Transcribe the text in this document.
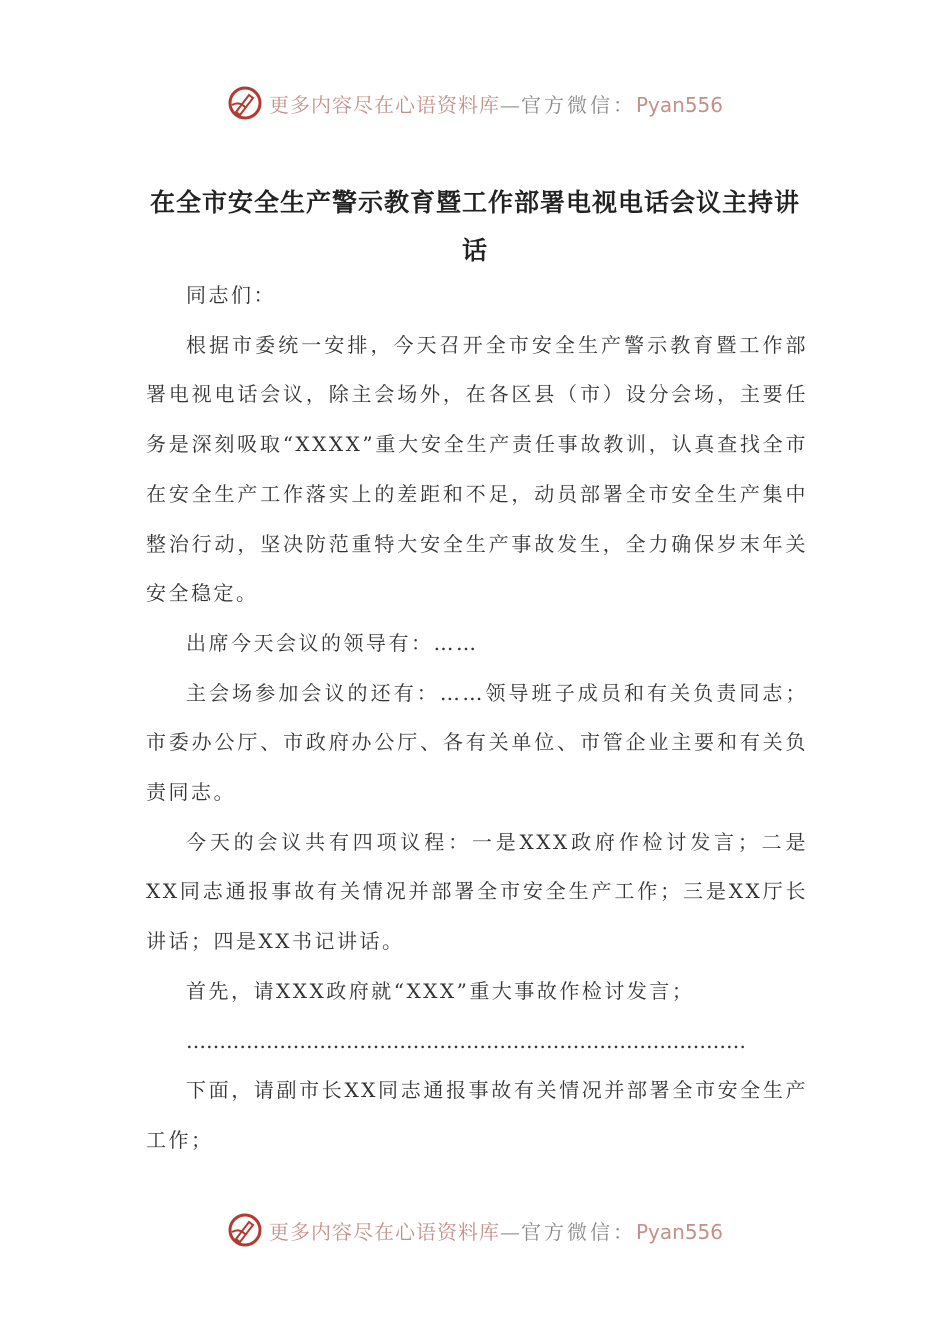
更多内容尽在心语资料库—官方微信：Pyan556
在全市安全生产警示教育暨工作部署电视电话会议主持讲话

同志们：

根据市委统一安排，今天召开全市安全生产警示教育暨工作部署电视电话会议，除主会场外，在各区县（市）设分会场，主要任务是深刻吸取“XXXX”重大安全生产责任事故教训，认真查找全市在安全生产工作落实上的差距和不足，动员部署全市安全生产集中整治行动，坚决防范重特大安全生产事故发生，全力确保岁末年关安全稳定。

出席今天会议的领导有：……

主会场参加会议的还有：……领导班子成员和有关负责同志；市委办公厅、市政府办公厅、各有关单位、市管企业主要和有关负责同志。

今天的会议共有四项议程：一是XXX政府作检讨发言；二是XX同志通报事故有关情况并部署全市安全生产工作；三是XX厅长讲话；四是XX书记讲话。

首先，请XXX政府就“XXX”重大事故作检讨发言；

…………………………………………………………………………

下面，请副市长XX同志通报事故有关情况并部署全市安全生产工作；

更多内容尽在心语资料库—官方微信：Pyan556
